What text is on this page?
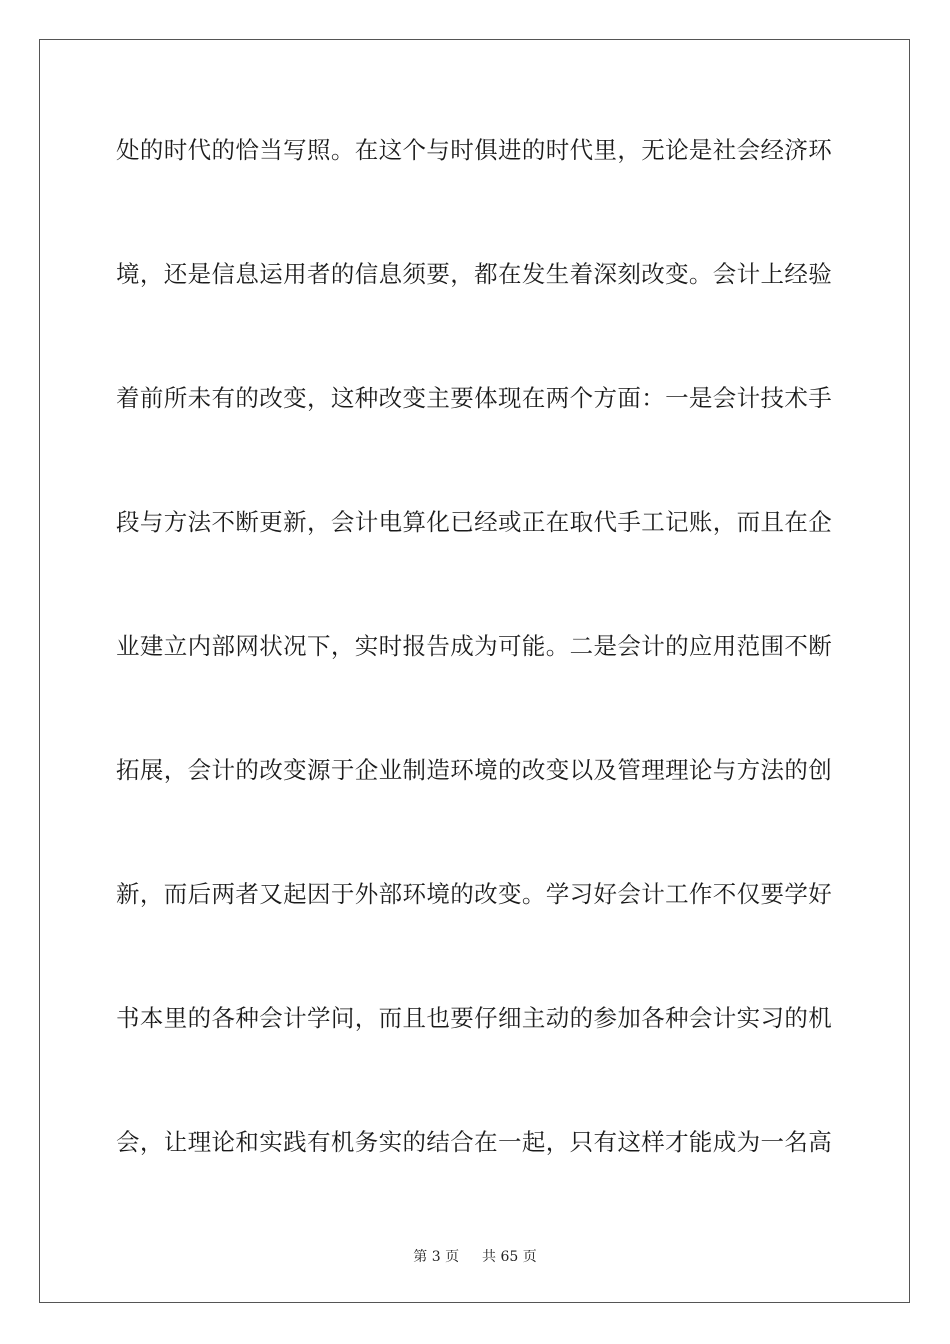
处的时代的恰当写照。在这个与时俱进的时代里，无论是社会经济环
境，还是信息运用者的信息须要，都在发生着深刻改变。会计上经验
着前所未有的改变，这种改变主要体现在两个方面：一是会计技术手
段与方法不断更新，会计电算化已经或正在取代手工记账，而且在企
业建立内部网状况下，实时报告成为可能。二是会计的应用范围不断
拓展，会计的改变源于企业制造环境的改变以及管理理论与方法的创
新，而后两者又起因于外部环境的改变。学习好会计工作不仅要学好
书本里的各种会计学问，而且也要仔细主动的参加各种会计实习的机
会，让理论和实践有机务实的结合在一起，只有这样才能成为一名高
第 3 页 共 65 页
